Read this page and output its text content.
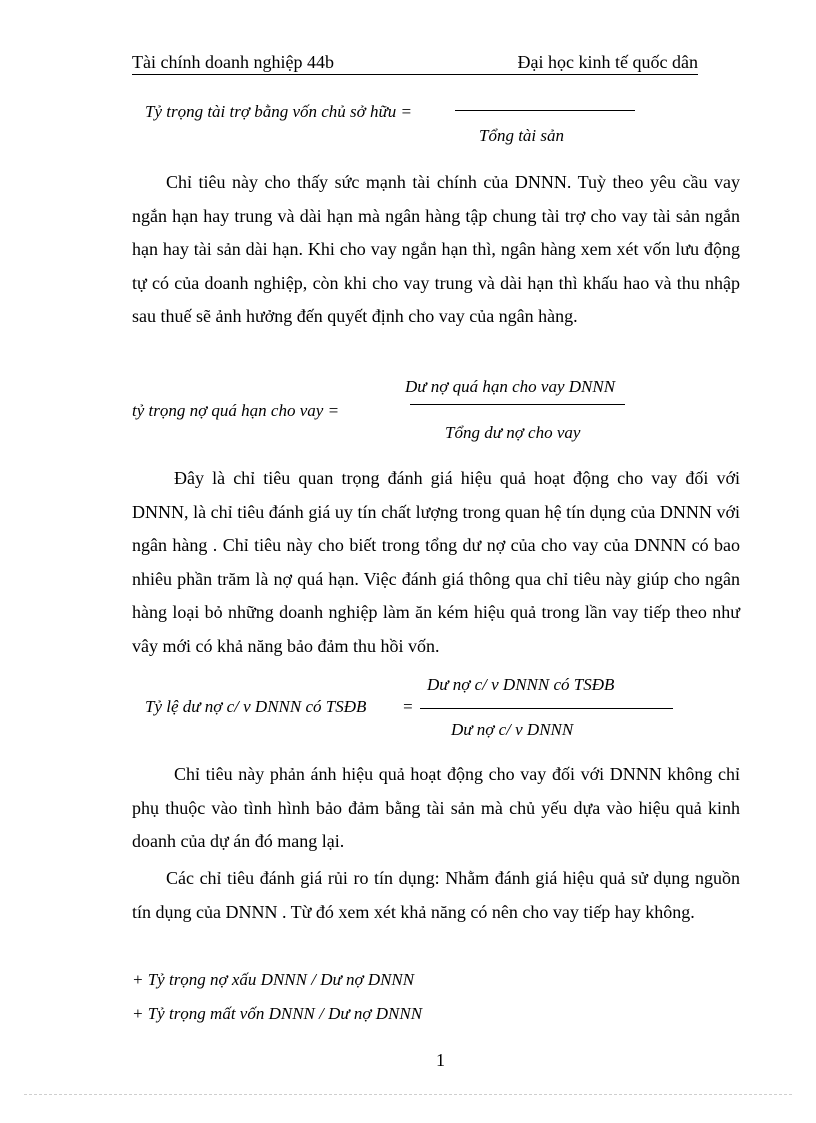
Tài chính doanh nghiệp 44b	Đại học kinh tế quốc dân
Tỷ trọng tài trợ bằng vốn chủ sở hữu =
Tổng tài sản
Chỉ tiêu này cho thấy sức mạnh tài chính của DNNN. Tuỳ theo yêu cầu vay ngắn hạn hay trung và dài hạn mà ngân hàng tập chung tài trợ cho vay tài sản ngắn hạn hay tài sản dài hạn. Khi cho vay ngắn hạn thì, ngân hàng xem xét vốn lưu động tự có của doanh nghiệp, còn khi cho vay trung và dài hạn thì khấu hao và thu nhập sau thuế sẽ ảnh hưởng đến quyết định cho vay của ngân hàng.
tỷ trọng nợ quá hạn cho vay =
Dư nợ quá hạn cho vay DNNN
Tổng dư nợ cho vay
Đây là chỉ tiêu quan trọng đánh giá hiệu quả hoạt động cho vay đối với DNNN, là chỉ tiêu đánh giá uy tín chất lượng trong quan hệ tín dụng của DNNN với ngân hàng . Chỉ tiêu này cho biết trong tổng dư nợ của cho vay của DNNN có bao nhiêu phần trăm là nợ quá hạn. Việc đánh giá thông qua chỉ tiêu này giúp cho ngân hàng loại bỏ những doanh nghiệp làm ăn kém hiệu quả trong lần vay tiếp theo như vây mới có khả năng bảo đảm thu hồi vốn.
Tỷ lệ dư nợ c/ v DNNN có TSĐB =
Dư nợ c/ v DNNN có TSĐB
Dư nợ c/ v DNNN
Chỉ tiêu này phản ánh hiệu quả hoạt động cho vay đối với DNNN không chỉ phụ thuộc vào tình hình bảo đảm bằng tài sản mà chủ yếu dựa vào hiệu quả kinh doanh của dự án đó mang lại.
Các chỉ tiêu đánh giá rủi ro tín dụng: Nhằm đánh giá hiệu quả sử dụng nguồn tín dụng của DNNN . Từ đó xem xét khả năng có nên cho vay tiếp hay không.
+ Tỷ trọng nợ xấu DNNN / Dư nợ DNNN
+ Tỷ trọng mất vốn DNNN / Dư nợ DNNN
1
